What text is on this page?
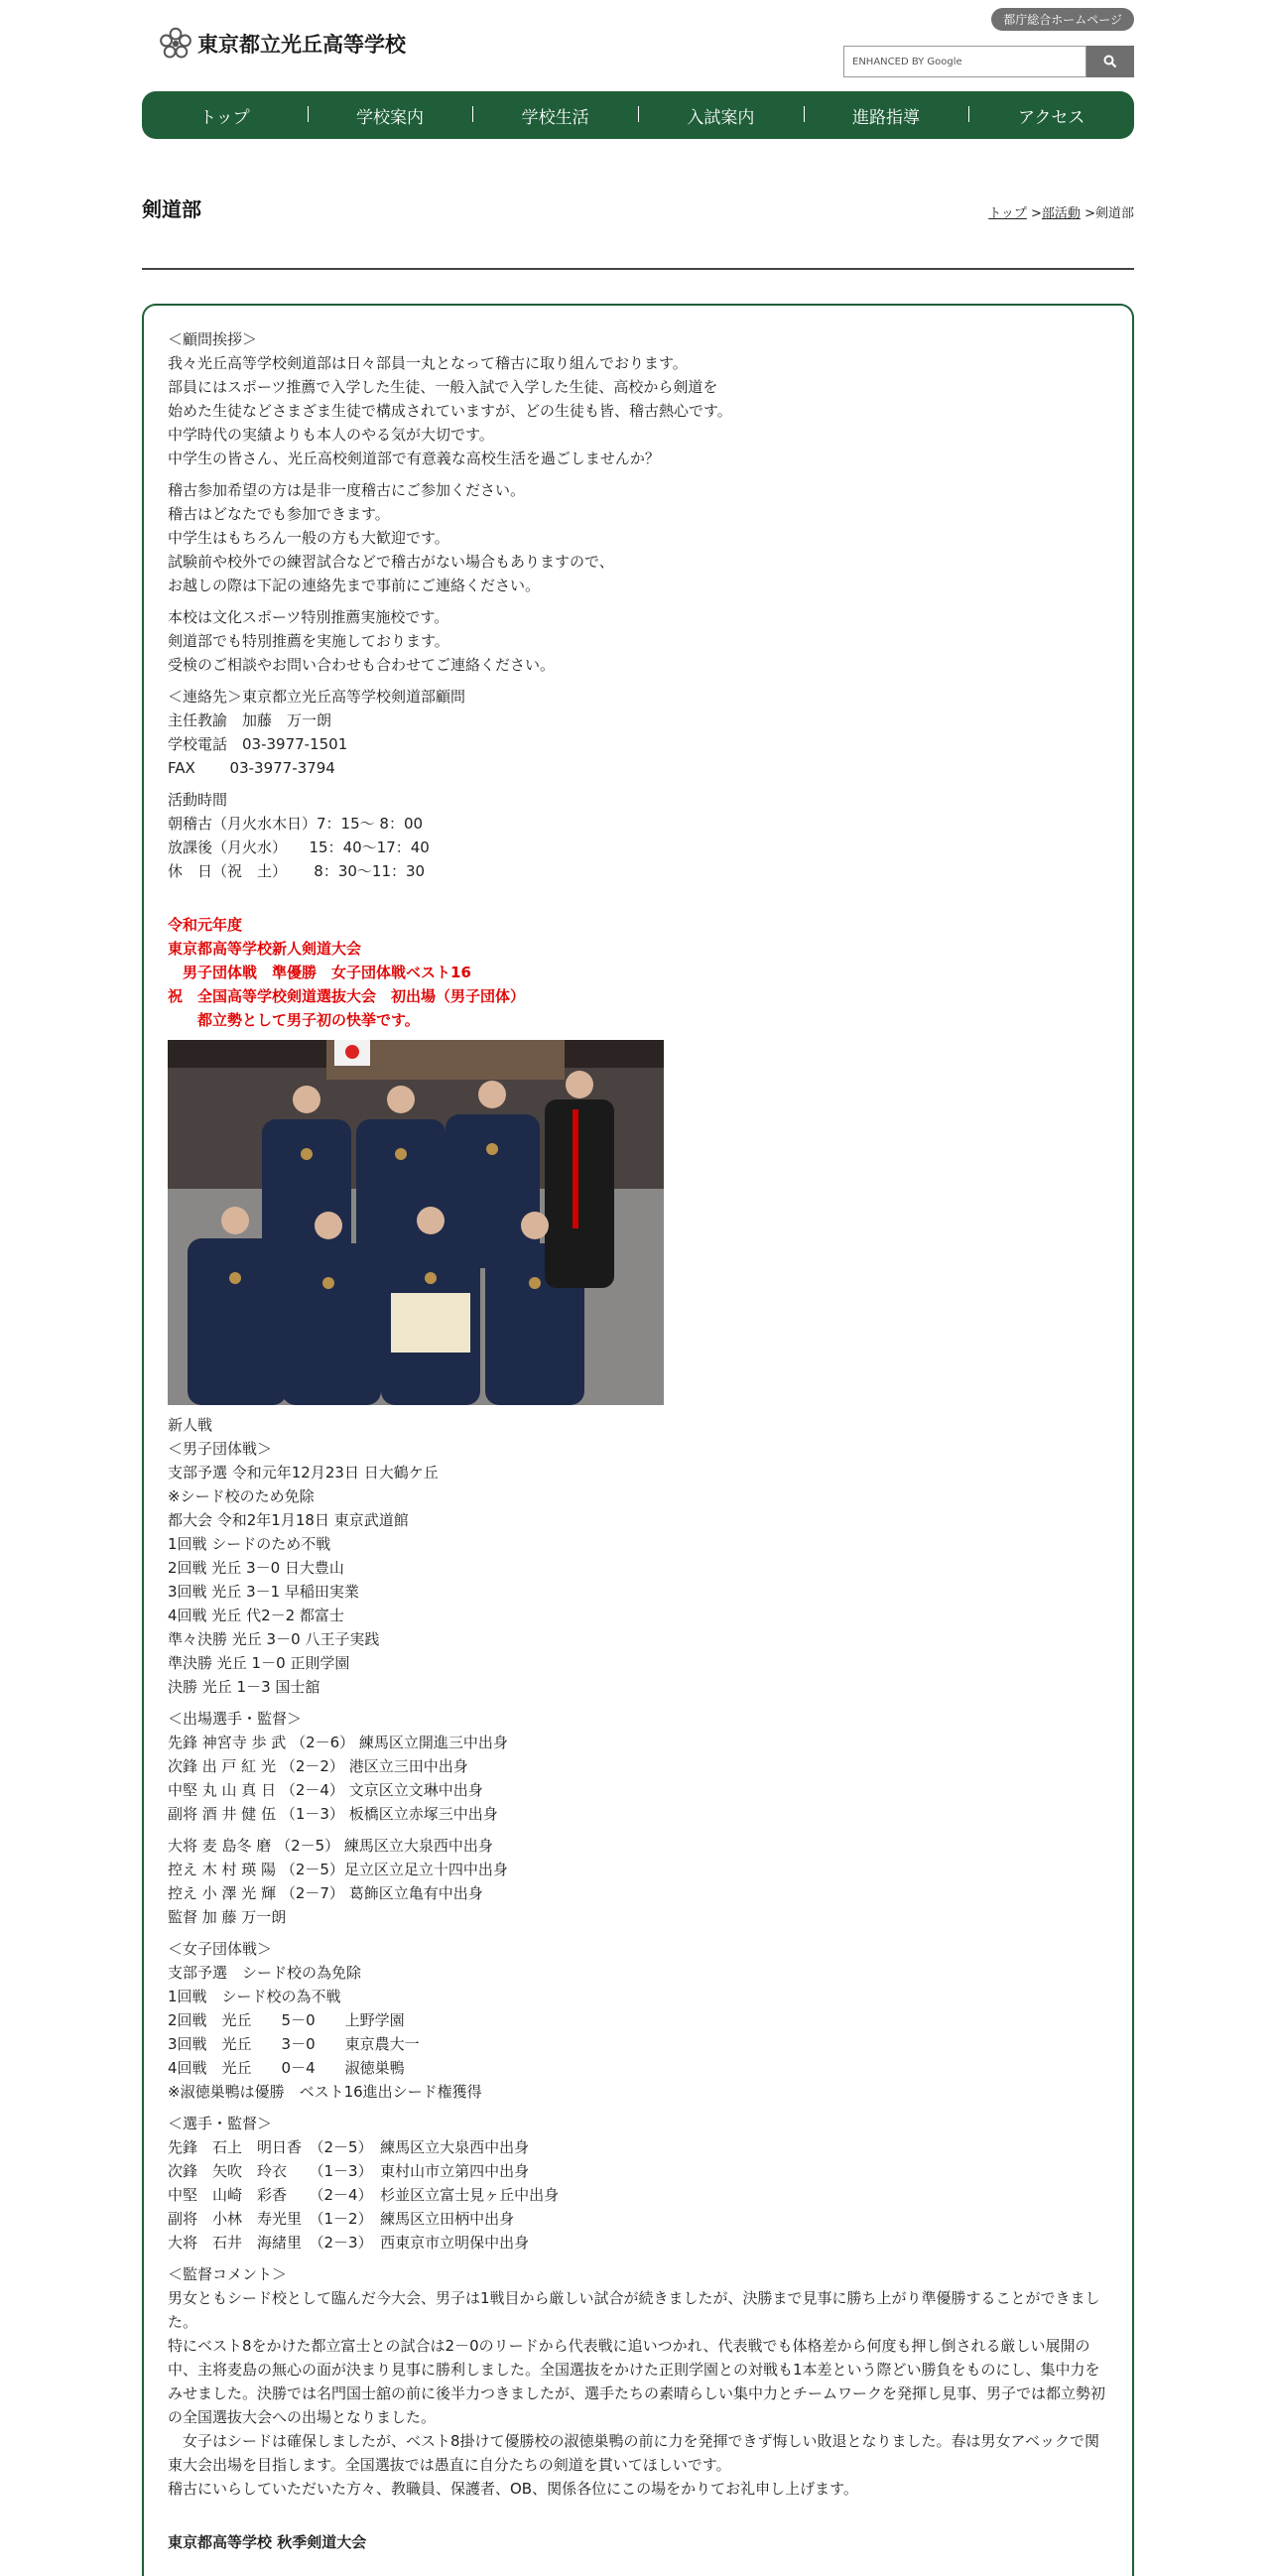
東京都立光丘高等学校
都庁総合ホームページ
ENHANCED BY Google
トップ	学校案内	学校生活	入試案内	進路指導	アクセス
剣道部	トップ >部活動 >剣道部
＜顧問挨拶＞
我々光丘高等学校剣道部は日々部員一丸となって稽古に取り組んでおります。
部員にはスポーツ推薦で入学した生徒、一般入試で入学した生徒、高校から剣道を
始めた生徒などさまざま生徒で構成されていますが、どの生徒も皆、稽古熱心です。
中学時代の実績よりも本人のやる気が大切です。
中学生の皆さん、光丘高校剣道部で有意義な高校生活を過ごしませんか？
稽古参加希望の方は是非一度稽古にご参加ください。
稽古はどなたでも参加できます。
中学生はもちろん一般の方も大歓迎です。
試験前や校外での練習試合などで稽古がない場合もありますので、
お越しの際は下記の連絡先まで事前にご連絡ください。
本校は文化スポーツ特別推薦実施校です。
剣道部でも特別推薦を実施しております。
受検のご相談やお問い合わせも合わせてご連絡ください。
＜連絡先＞東京都立光丘高等学校剣道部顧問
主任教諭　加藤　万一朗
学校電話　03-3977-1501
FAX　　 03-3977-3794
活動時間
朝稽古（月火水木日）7：15～ 8：00
放課後（月火水）　　15：40～17：40
休　日（祝　土）　　 8：30～11：30
令和元年度
東京都高等学校新人剣道大会
　男子団体戦　準優勝　女子団体戦ベスト16
祝　全国高等学校剣道選抜大会　初出場（男子団体）
　　都立勢として男子初の快挙です。
新人戦
＜男子団体戦＞
支部予選 令和元年12月23日 日大鶴ケ丘
※シード校のため免除
都大会 令和2年1月18日 東京武道館
1回戦 シードのため不戦
2回戦 光丘 3－0 日大豊山
3回戦 光丘 3－1 早稲田実業
4回戦 光丘 代2－2 都富士
準々決勝 光丘 3－0 八王子実践
準決勝 光丘 1－0 正則学園
決勝 光丘 1－3 国士舘
＜出場選手・監督＞
先鋒 神宮寺 歩 武 （2－6） 練馬区立開進三中出身
次鋒 出 戸 紅 光 （2－2） 港区立三田中出身
中堅 丸 山 真 日 （2－4） 文京区立文琳中出身
副将 酒 井 健 伍 （1－3） 板橋区立赤塚三中出身
大将 麦 島冬 磨 （2－5） 練馬区立大泉西中出身
控え 木 村 瑛 陽 （2－5）足立区立足立十四中出身
控え 小 澤 光 輝 （2－7） 葛飾区立亀有中出身
監督 加 藤 万一朗
＜女子団体戦＞
支部予選　シード校の為免除
1回戦　シード校の為不戦
2回戦　光丘　　5－0　　上野学園
3回戦　光丘　　3－0　　東京農大一
4回戦　光丘　　0－4　　淑徳巣鴨
※淑徳巣鴨は優勝　ベスト16進出シード権獲得
＜選手・監督＞
先鋒　石上　明日香　（2－5）　練馬区立大泉西中出身
次鋒　矢吹　玲衣　　（1－3）　東村山市立第四中出身
中堅　山崎　彩香　　（2－4）　杉並区立富士見ヶ丘中出身
副将　小林　寿光里　（1－2）　練馬区立田柄中出身
大将　石井　海緒里　（2－3）　西東京市立明保中出身
＜監督コメント＞
男女ともシード校として臨んだ今大会、男子は1戦目から厳しい試合が続きましたが、決勝まで見事に勝ち上がり準優勝することができました。
特にベスト8をかけた都立富士との試合は2－0のリードから代表戦に追いつかれ、代表戦でも体格差から何度も押し倒される厳しい展開の中、主将麦島の無心の面が決まり見事に勝利しました。全国選抜をかけた正則学園との対戦も1本差という際どい勝負をものにし、集中力をみせました。決勝では名門国士舘の前に後半力つきましたが、選手たちの素晴らしい集中力とチームワークを発揮し見事、男子では都立勢初の全国選抜大会への出場となりました。
　女子はシードは確保しましたが、ベスト8掛けて優勝校の淑徳巣鴨の前に力を発揮できず悔しい敗退となりました。春は男女アベックで関東大会出場を目指します。全国選抜では愚直に自分たちの剣道を貫いてほしいです。
稽古にいらしていただいた方々、教職員、保護者、OB、関係各位にこの場をかりてお礼申し上げます。
東京都高等学校 秋季剣道大会
